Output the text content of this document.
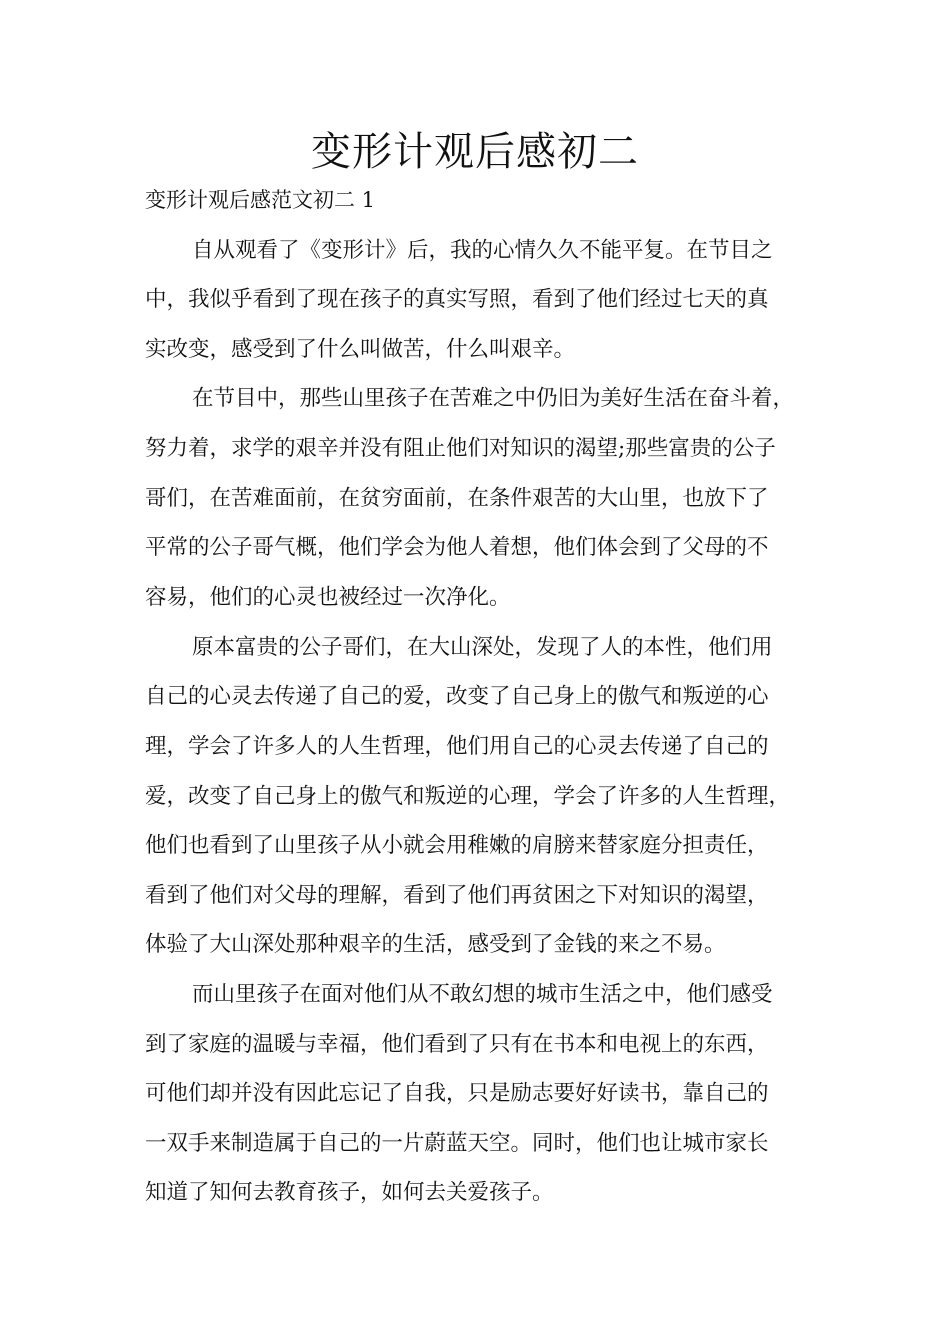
变形计观后感初二
变形计观后感范文初二 1
自从观看了《变形计》后，我的心情久久不能平复。在节目之
中，我似乎看到了现在孩子的真实写照，看到了他们经过七天的真
实改变，感受到了什么叫做苦，什么叫艰辛。
在节目中，那些山里孩子在苦难之中仍旧为美好生活在奋斗着，
努力着，求学的艰辛并没有阻止他们对知识的渴望;那些富贵的公子
哥们，在苦难面前，在贫穷面前，在条件艰苦的大山里，也放下了
平常的公子哥气概，他们学会为他人着想，他们体会到了父母的不
容易，他们的心灵也被经过一次净化。
原本富贵的公子哥们，在大山深处，发现了人的本性，他们用
自己的心灵去传递了自己的爱，改变了自己身上的傲气和叛逆的心
理，学会了许多人的人生哲理，他们用自己的心灵去传递了自己的
爱，改变了自己身上的傲气和叛逆的心理，学会了许多的人生哲理，
他们也看到了山里孩子从小就会用稚嫩的肩膀来替家庭分担责任，
看到了他们对父母的理解，看到了他们再贫困之下对知识的渴望，
体验了大山深处那种艰辛的生活，感受到了金钱的来之不易。
而山里孩子在面对他们从不敢幻想的城市生活之中，他们感受
到了家庭的温暖与幸福，他们看到了只有在书本和电视上的东西，
可他们却并没有因此忘记了自我，只是励志要好好读书，靠自己的
一双手来制造属于自己的一片蔚蓝天空。同时，他们也让城市家长
知道了知何去教育孩子，如何去关爱孩子。
